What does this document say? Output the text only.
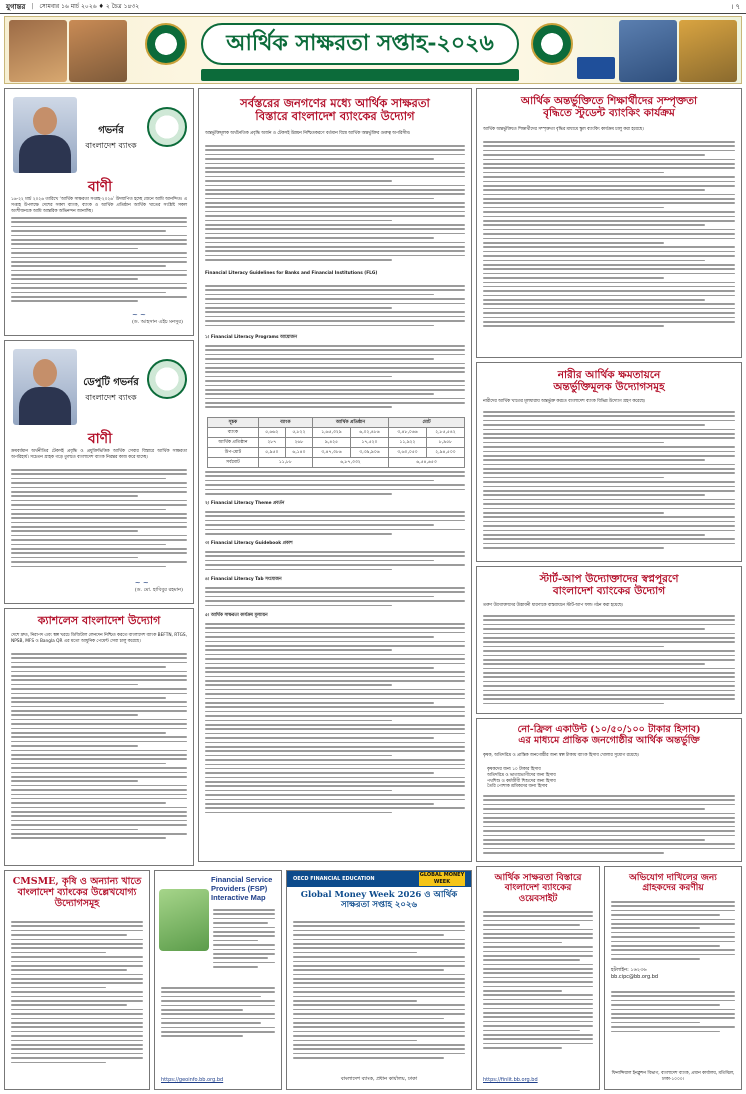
যুগান্তর | সোমবার ১৬ মার্চ ২০২৬ ♦ ২ চৈত্র ১৪৩২	। ৭
আর্থিক সাক্ষরতা সপ্তাহ-২০২৬
গভর্নর
বাংলাদেশ ব্যাংক
বাণী
১৬-২২ মার্চ ২০২৬ তারিখে ‘আর্থিক সাক্ষরতা সপ্তাহ-২০২৬’ উদযাপিত হচ্ছে জেনে আমি আনন্দিত। এ সপ্তাহ উপলক্ষে দেশের সকল ব্যাংক, ব্যাংক ও আর্থিক প্রতিষ্ঠান আর্থিক খাতের সংশ্লিষ্ট সকল অংশীজনকে আমি আন্তরিক অভিনন্দন জানাচ্ছি।
~ ~
(ড. আহসান এইচ মনসুর)
ডেপুটি গভর্নর
বাংলাদেশ ব্যাংক
বাণী
ক্রমবর্ধমান অর্থনীতির টেকসই প্রবৃদ্ধি ও প্রযুক্তিভিত্তিক আর্থিক সেবার বিস্তারে আর্থিক সাক্ষরতা অপরিহার্য। সচেতন গ্রাহক গড়ে তুলতে বাংলাদেশ ব্যাংক নিরন্তর কাজ করে যাচ্ছে।
~ ~
(ড. মো. হাবিবুর রহমান)
ক্যাশলেস বাংলাদেশ উদ্যোগ
দেশে দ্রুত, নিরাপদ এবং স্বল্প খরচে ডিজিটাল লেনদেন নিশ্চিত করতে বাংলাদেশ ব্যাংক BEFTN, RTGS, NPSB, MFS ও Bangla QR এর মতো আধুনিক পেমেন্ট সেবা চালু করেছে।
সর্বস্তরের জনগণের মধ্যে আর্থিক সাক্ষরতা
বিস্তারে বাংলাদেশ ব্যাংকের উদ্যোগ
অন্তর্ভুক্তিমূলক অর্থনৈতিক প্রবৃদ্ধি অর্জন ও টেকসই উন্নয়ন নিশ্চিতকরণে বর্তমান বিশ্বে আর্থিক অন্তর্ভুক্তির গুরুত্ব অপরিসীম।
Financial Literacy Guidelines for Banks and Financial Institutions (FLG)
১। Financial Literacy Programs আয়োজন
সূচক	ব্যাংক		আর্থিক প্রতিষ্ঠান		মোট	
ব্যাংক	৫,৬৬২	৫,৮২২	১,৬৫,৩২৯	৬,০২,৪৮৬	৩,৪৮,০৬৬	২,৮৫,৫৪২
আর্থিক প্রতিষ্ঠান	২৮৭	২৬৮	৯,৪২৫	১৭,৫২০	১১,৯২২	৮,৯৫৮
উপ-মোট	৫,৯৫০	৬,১৪০	৩,৪৭,৩৮৬	৩,৩৯,৯০৬	৩,৬০,০৫০	২,৯৪,৫০০
সর্বমোট	১১,৮৮		৬,৮৭,৩৩২		৬,৫৪,৬৫৩	
২। Financial Literacy Theme প্রবর্তন
৩। Financial Literacy Guidebook প্রকাশ
৪। Financial Literacy Tab সংযোজন
৫। আর্থিক সাক্ষরতা কার্যক্রম মূল্যায়ন
আর্থিক অন্তর্ভুক্তিতে শিক্ষার্থীদের সম্পৃক্ততা
বৃদ্ধিতে স্টুডেন্ট ব্যাংকিং কার্যক্রম
আর্থিক অন্তর্ভুক্তিতে শিক্ষার্থীদের সম্পৃক্ততা বৃদ্ধির মাধ্যমে স্কুল ব্যাংকিং কার্যক্রম চালু করা হয়েছে।
নারীর আর্থিক ক্ষমতায়নে
অন্তর্ভুক্তিমূলক উদ্যোগসমূহ
নারীদের আর্থিক খাতের মূলধারায় অন্তর্ভুক্ত করতে বাংলাদেশ ব্যাংক বিভিন্ন উদ্যোগ গ্রহণ করেছে।
স্টার্ট-আপ উদ্যোক্তাদের স্বপ্নপূরণে
বাংলাদেশ ব্যাংকের উদ্যোগ
তরুণ উদ্যোক্তাদের উদ্ভাবনী ধারণাকে বাস্তবায়নে স্টার্ট-আপ ফান্ড গঠন করা হয়েছে।
নো-ফ্রিল একাউন্ট (১০/৫০/১০০ টাকার হিসাব)
এর মাধ্যমে প্রান্তিক জনগোষ্ঠীর আর্থিক অন্তর্ভুক্তি
কৃষক, অতিদরিদ্র ও প্রান্তিক জনগোষ্ঠীর জন্য স্বল্প টাকায় ব্যাংক হিসাব খোলার সুযোগ রয়েছে।
কৃষকদের জন্য ১০ টাকার হিসাব
অতিদরিদ্র ও ভাতাভোগীদের জন্য হিসাব
পথশিশু ও কর্মজীবী শিশুদের জন্য হিসাব
তৈরি পোশাক শ্রমিকদের জন্য হিসাব
CMSME, কৃষি ও অন্যান্য খাতে বাংলাদেশ ব্যাংকের উল্লেখযোগ্য উদ্যোগসমূহ
Financial Service
Providers (FSP)
Interactive Map
https://geoinfo.bb.org.bd
OECD FINANCIAL EDUCATION
GLOBAL MONEY WEEK
Global Money Week 2026 ও আর্থিক সাক্ষরতা সপ্তাহ ২০২৬
বাংলাদেশ ব্যাংক, প্রধান কার্যালয়, ঢাকা
আর্থিক সাক্ষরতা বিস্তারে
বাংলাদেশ ব্যাংকের
ওয়েবসাইট
https://finlit.bb.org.bd
অভিযোগ দাখিলের জন্য
গ্রাহকদের করণীয়
হটলাইন: ১৬২৩৬
bb.cipc@bb.org.bd
ফিনান্সিয়াল ইনক্লুশন বিভাগ, বাংলাদেশ ব্যাংক, প্রধান কার্যালয়, মতিঝিল, ঢাকা-১০০০।
